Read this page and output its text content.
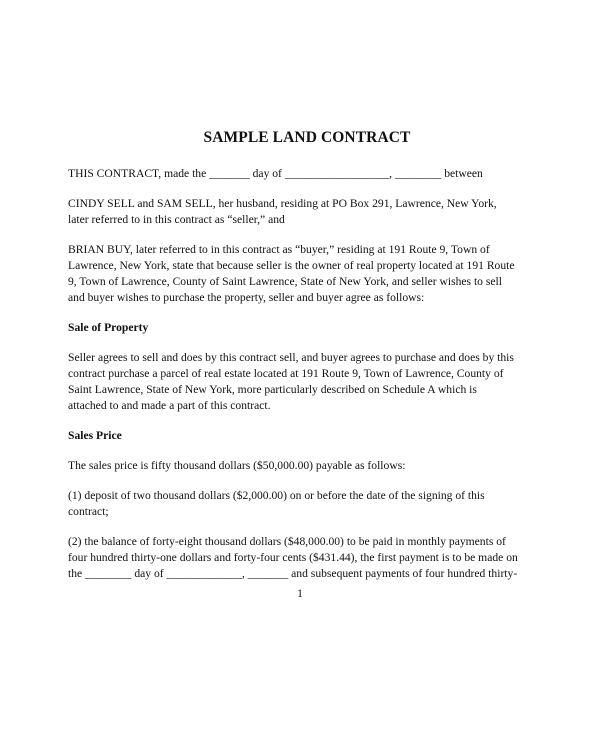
SAMPLE LAND CONTRACT
THIS CONTRACT, made the _______ day of __________________, ________ between
CINDY SELL and SAM SELL, her husband, residing at PO Box 291, Lawrence, New York,
later referred to in this contract as “seller,” and
BRIAN BUY, later referred to in this contract as “buyer,” residing at 191 Route 9, Town of
Lawrence, New York, state that because seller is the owner of real property located at 191 Route
9, Town of Lawrence, County of Saint Lawrence, State of New York, and seller wishes to sell
and buyer wishes to purchase the property, seller and buyer agree as follows:
Sale of Property
Seller agrees to sell and does by this contract sell, and buyer agrees to purchase and does by this
contract purchase a parcel of real estate located at 191 Route 9, Town of Lawrence, County of
Saint Lawrence, State of New York, more particularly described on Schedule A which is
attached to and made a part of this contract.
Sales Price
The sales price is fifty thousand dollars ($50,000.00) payable as follows:
(1) deposit of two thousand dollars ($2,000.00) on or before the date of the signing of this
contract;
(2) the balance of forty-eight thousand dollars ($48,000.00) to be paid in monthly payments of
four hundred thirty-one dollars and forty-four cents ($431.44), the first payment is to be made on
the ________ day of _____________, _______ and subsequent payments of four hundred thirty-
1
